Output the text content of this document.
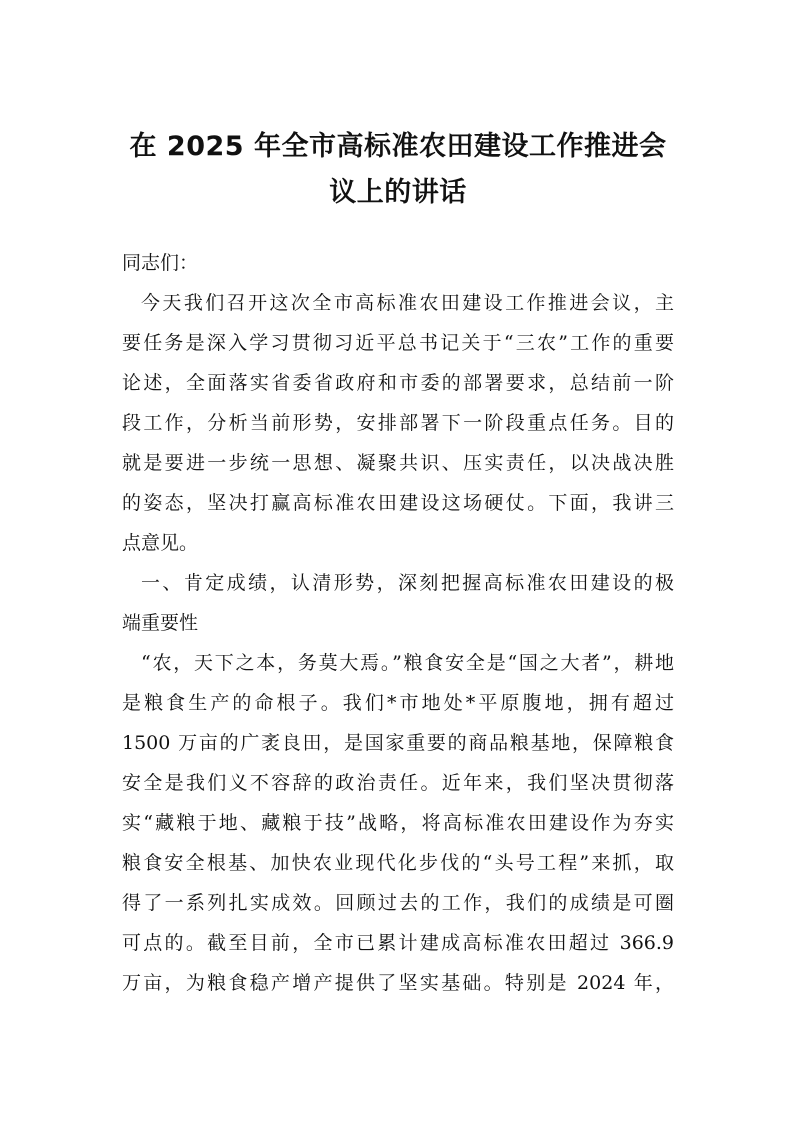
在 2025 年全市高标准农田建设工作推进会
议上的讲话

同志们：

今天我们召开这次全市高标准农田建设工作推进会议，主
要任务是深入学习贯彻习近平总书记关于“三农”工作的重要
论述，全面落实省委省政府和市委的部署要求，总结前一阶
段工作，分析当前形势，安排部署下一阶段重点任务。目的
就是要进一步统一思想、凝聚共识、压实责任，以决战决胜
的姿态，坚决打赢高标准农田建设这场硬仗。下面，我讲三
点意见。

一、肯定成绩，认清形势，深刻把握高标准农田建设的极
端重要性

“农，天下之本，务莫大焉。”粮食安全是“国之大者”，耕地
是粮食生产的命根子。我们*市地处*平原腹地，拥有超过
1500 万亩的广袤良田，是国家重要的商品粮基地，保障粮食
安全是我们义不容辞的政治责任。近年来，我们坚决贯彻落
实“藏粮于地、藏粮于技”战略，将高标准农田建设作为夯实
粮食安全根基、加快农业现代化步伐的“头号工程”来抓，取
得了一系列扎实成效。回顾过去的工作，我们的成绩是可圈
可点的。截至目前，全市已累计建成高标准农田超过 366.9
万亩，为粮食稳产增产提供了坚实基础。特别是 2024 年，
